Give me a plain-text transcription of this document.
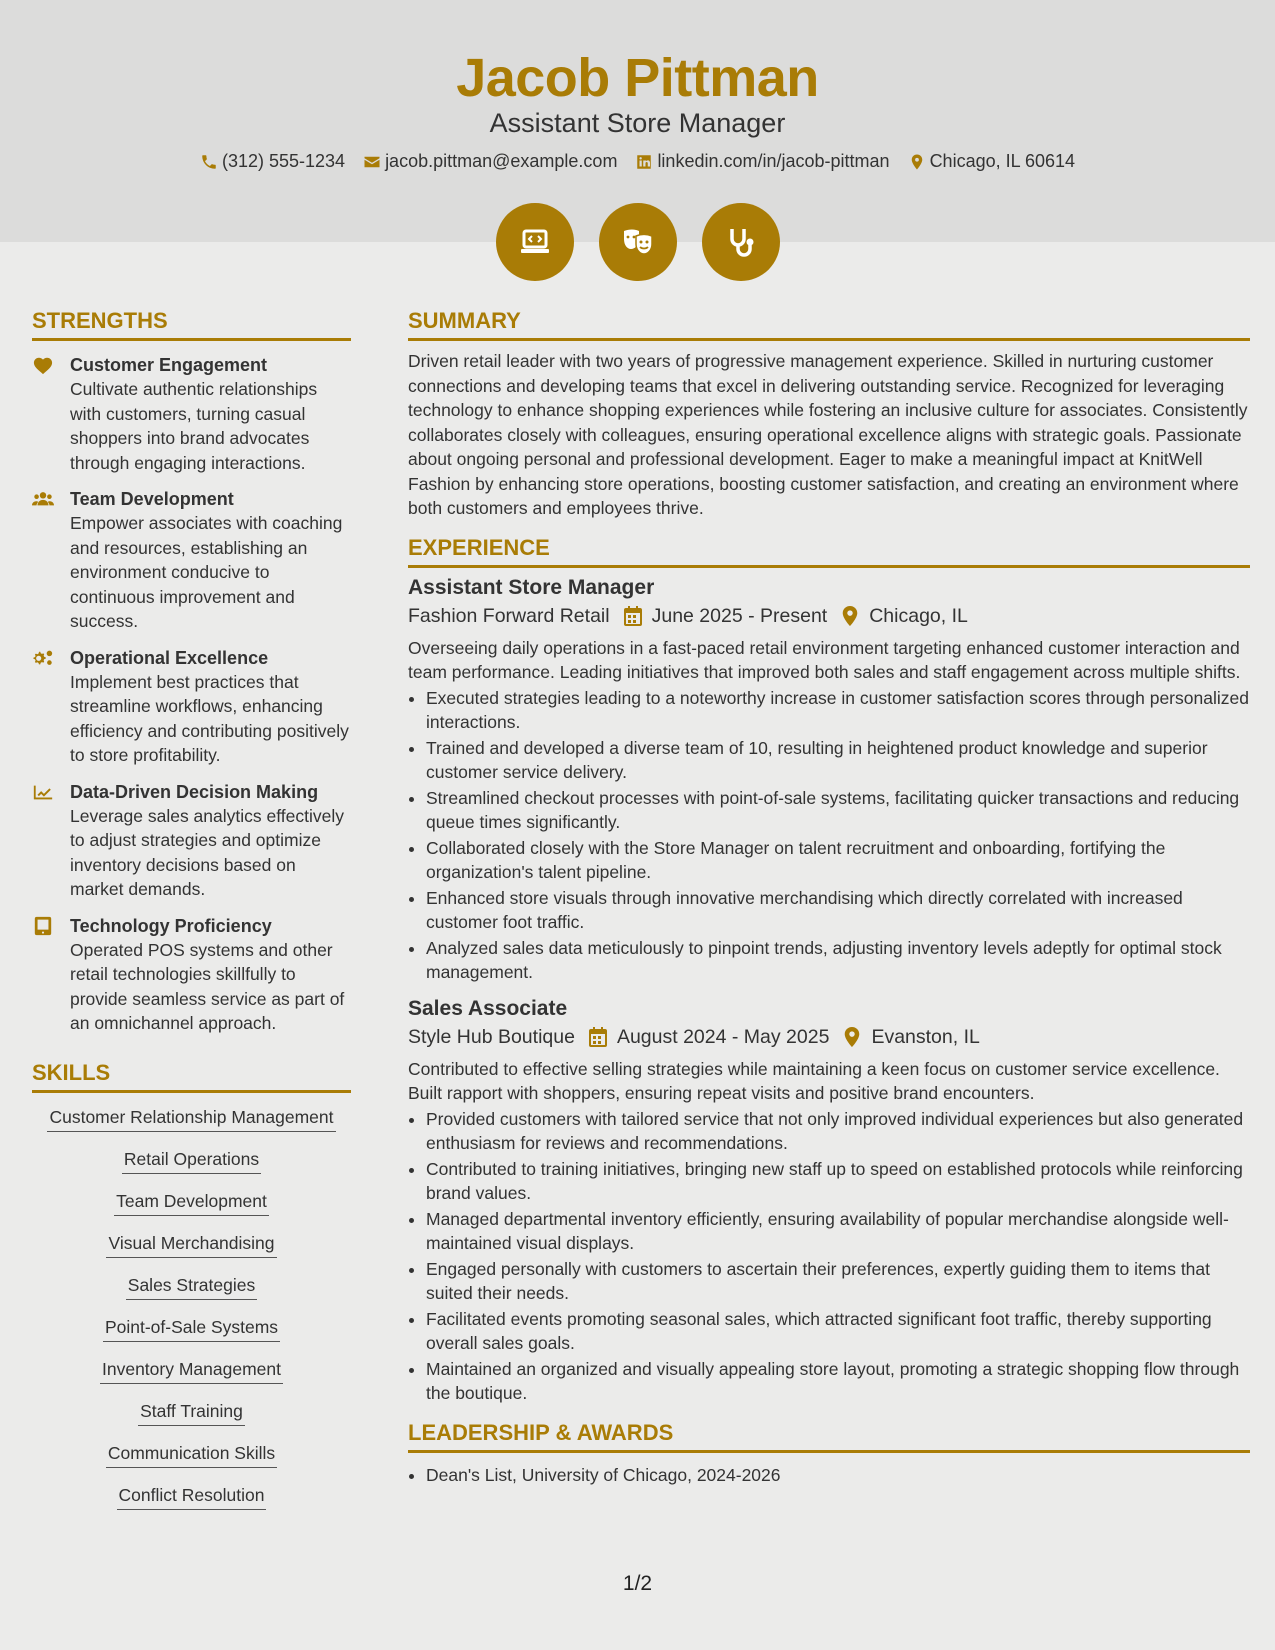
Jacob Pittman
Assistant Store Manager
(312) 555-1234 jacob.pittman@example.com linkedin.com/in/jacob-pittman Chicago, IL 60614
STRENGTHS
Customer Engagement
Cultivate authentic relationships with customers, turning casual shoppers into brand advocates through engaging interactions.
Team Development
Empower associates with coaching and resources, establishing an environment conducive to continuous improvement and success.
Operational Excellence
Implement best practices that streamline workflows, enhancing efficiency and contributing positively to store profitability.
Data-Driven Decision Making
Leverage sales analytics effectively to adjust strategies and optimize inventory decisions based on market demands.
Technology Proficiency
Operated POS systems and other retail technologies skillfully to provide seamless service as part of an omnichannel approach.
SKILLS
Customer Relationship Management
Retail Operations
Team Development
Visual Merchandising
Sales Strategies
Point-of-Sale Systems
Inventory Management
Staff Training
Communication Skills
Conflict Resolution
SUMMARY

Driven retail leader with two years of progressive management experience. Skilled in nurturing customer connections and developing teams that excel in delivering outstanding service. Recognized for leveraging technology to enhance shopping experiences while fostering an inclusive culture for associates. Consistently collaborates closely with colleagues, ensuring operational excellence aligns with strategic goals. Passionate about ongoing personal and professional development. Eager to make a meaningful impact at KnitWell Fashion by enhancing store operations, boosting customer satisfaction, and creating an environment where both customers and employees thrive.

EXPERIENCE
Assistant Store Manager
Fashion Forward Retail June 2025 - Present Chicago, IL

Overseeing daily operations in a fast-paced retail environment targeting enhanced customer interaction and team performance. Leading initiatives that improved both sales and staff engagement across multiple shifts.

• Executed strategies leading to a noteworthy increase in customer satisfaction scores through personalized interactions.
• Trained and developed a diverse team of 10, resulting in heightened product knowledge and superior customer service delivery.
• Streamlined checkout processes with point-of-sale systems, facilitating quicker transactions and reducing queue times significantly.
• Collaborated closely with the Store Manager on talent recruitment and onboarding, fortifying the organization's talent pipeline.
• Enhanced store visuals through innovative merchandising which directly correlated with increased customer foot traffic.
• Analyzed sales data meticulously to pinpoint trends, adjusting inventory levels adeptly for optimal stock management.
Sales Associate
Style Hub Boutique August 2024 - May 2025 Evanston, IL

Contributed to effective selling strategies while maintaining a keen focus on customer service excellence. Built rapport with shoppers, ensuring repeat visits and positive brand encounters.

• Provided customers with tailored service that not only improved individual experiences but also generated enthusiasm for reviews and recommendations.
• Contributed to training initiatives, bringing new staff up to speed on established protocols while reinforcing brand values.
• Managed departmental inventory efficiently, ensuring availability of popular merchandise alongside well-maintained visual displays.
• Engaged personally with customers to ascertain their preferences, expertly guiding them to items that suited their needs.
• Facilitated events promoting seasonal sales, which attracted significant foot traffic, thereby supporting overall sales goals.
• Maintained an organized and visually appealing store layout, promoting a strategic shopping flow through the boutique.
LEADERSHIP & AWARDS
• Dean's List, University of Chicago, 2024-2026
1/2
